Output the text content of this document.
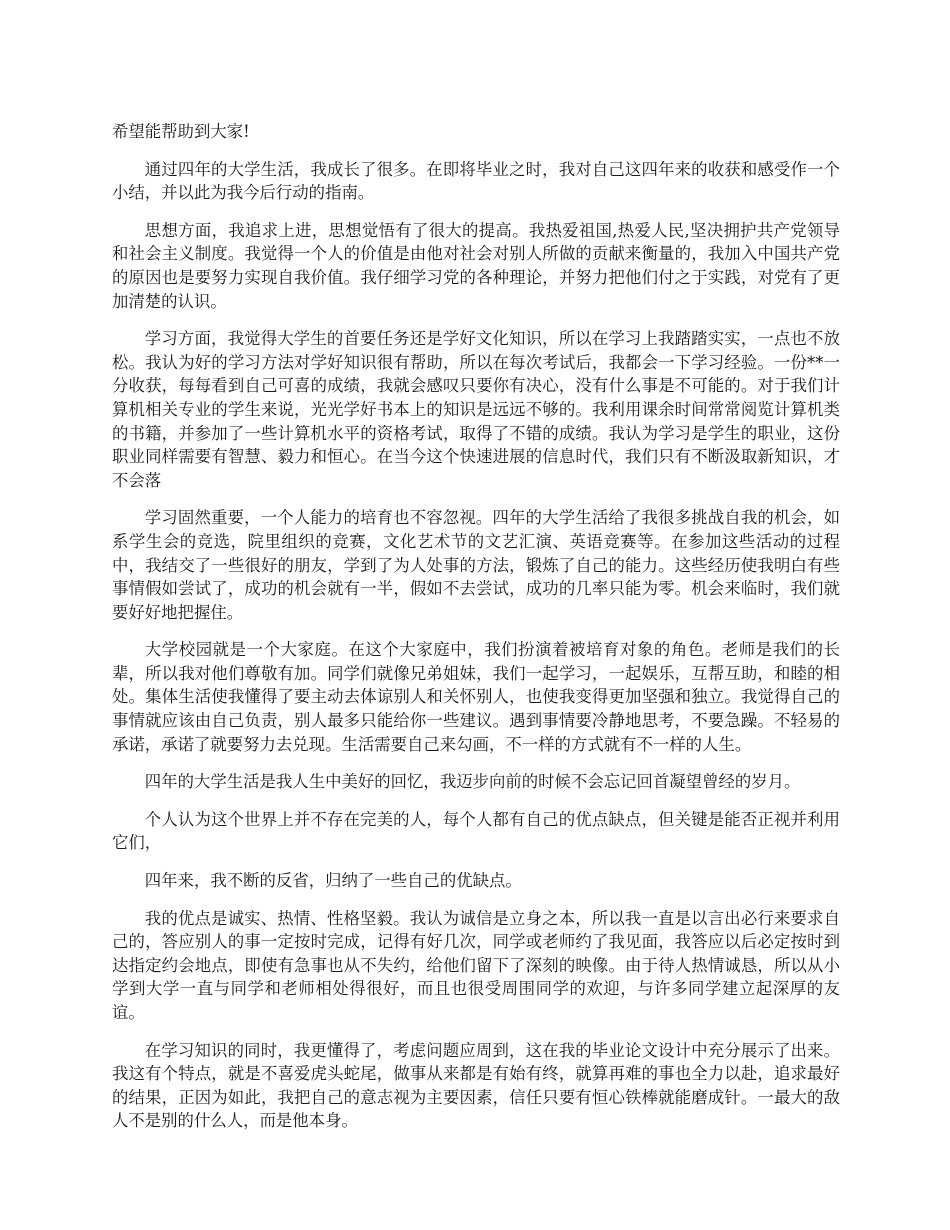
希望能帮助到大家!

通过四年的大学生活，我成长了很多。在即将毕业之时，我对自己这四年来的收获和感受作一个小结，并以此为我今后行动的指南。

思想方面，我追求上进，思想觉悟有了很大的提高。我热爱祖国,热爱人民,坚决拥护共产党领导和社会主义制度。我觉得一个人的价值是由他对社会对别人所做的贡献来衡量的，我加入中国共产党的原因也是要努力实现自我价值。我仔细学习党的各种理论，并努力把他们付之于实践，对党有了更加清楚的认识。

学习方面，我觉得大学生的首要任务还是学好文化知识，所以在学习上我踏踏实实，一点也不放松。我认为好的学习方法对学好知识很有帮助，所以在每次考试后，我都会一下学习经验。一份**一分收获，每每看到自己可喜的成绩，我就会感叹只要你有决心，没有什么事是不可能的。对于我们计算机相关专业的学生来说，光光学好书本上的知识是远远不够的。我利用课余时间常常阅览计算机类的书籍，并参加了一些计算机水平的资格考试，取得了不错的成绩。我认为学习是学生的职业，这份职业同样需要有智慧、毅力和恒心。在当今这个快速进展的信息时代，我们只有不断汲取新知识，才不会落

学习固然重要，一个人能力的培育也不容忽视。四年的大学生活给了我很多挑战自我的机会，如系学生会的竞选，院里组织的竞赛，文化艺术节的文艺汇演、英语竞赛等。在参加这些活动的过程中，我结交了一些很好的朋友，学到了为人处事的方法，锻炼了自己的能力。这些经历使我明白有些事情假如尝试了，成功的机会就有一半，假如不去尝试，成功的几率只能为零。机会来临时，我们就要好好地把握住。

大学校园就是一个大家庭。在这个大家庭中，我们扮演着被培育对象的角色。老师是我们的长辈，所以我对他们尊敬有加。同学们就像兄弟姐妹，我们一起学习，一起娱乐，互帮互助，和睦的相处。集体生活使我懂得了要主动去体谅别人和关怀别人，也使我变得更加坚强和独立。我觉得自己的事情就应该由自己负责，别人最多只能给你一些建议。遇到事情要冷静地思考，不要急躁。不轻易的承诺，承诺了就要努力去兑现。生活需要自己来勾画，不一样的方式就有不一样的人生。

四年的大学生活是我人生中美好的回忆，我迈步向前的时候不会忘记回首凝望曾经的岁月。

个人认为这个世界上并不存在完美的人，每个人都有自己的优点缺点，但关键是能否正视并利用它们，

四年来，我不断的反省，归纳了一些自己的优缺点。

我的优点是诚实、热情、性格坚毅。我认为诚信是立身之本，所以我一直是以言出必行来要求自己的，答应别人的事一定按时完成，记得有好几次，同学或老师约了我见面，我答应以后必定按时到达指定约会地点，即使有急事也从不失约，给他们留下了深刻的映像。由于待人热情诚恳，所以从小学到大学一直与同学和老师相处得很好，而且也很受周围同学的欢迎，与许多同学建立起深厚的友谊。

在学习知识的同时，我更懂得了，考虑问题应周到，这在我的毕业论文设计中充分展示了出来。我这有个特点，就是不喜爱虎头蛇尾，做事从来都是有始有终，就算再难的事也全力以赴，追求最好的结果，正因为如此，我把自己的意志视为主要因素，信任只要有恒心铁棒就能磨成针。一最大的敌人不是别的什么人，而是他本身。
